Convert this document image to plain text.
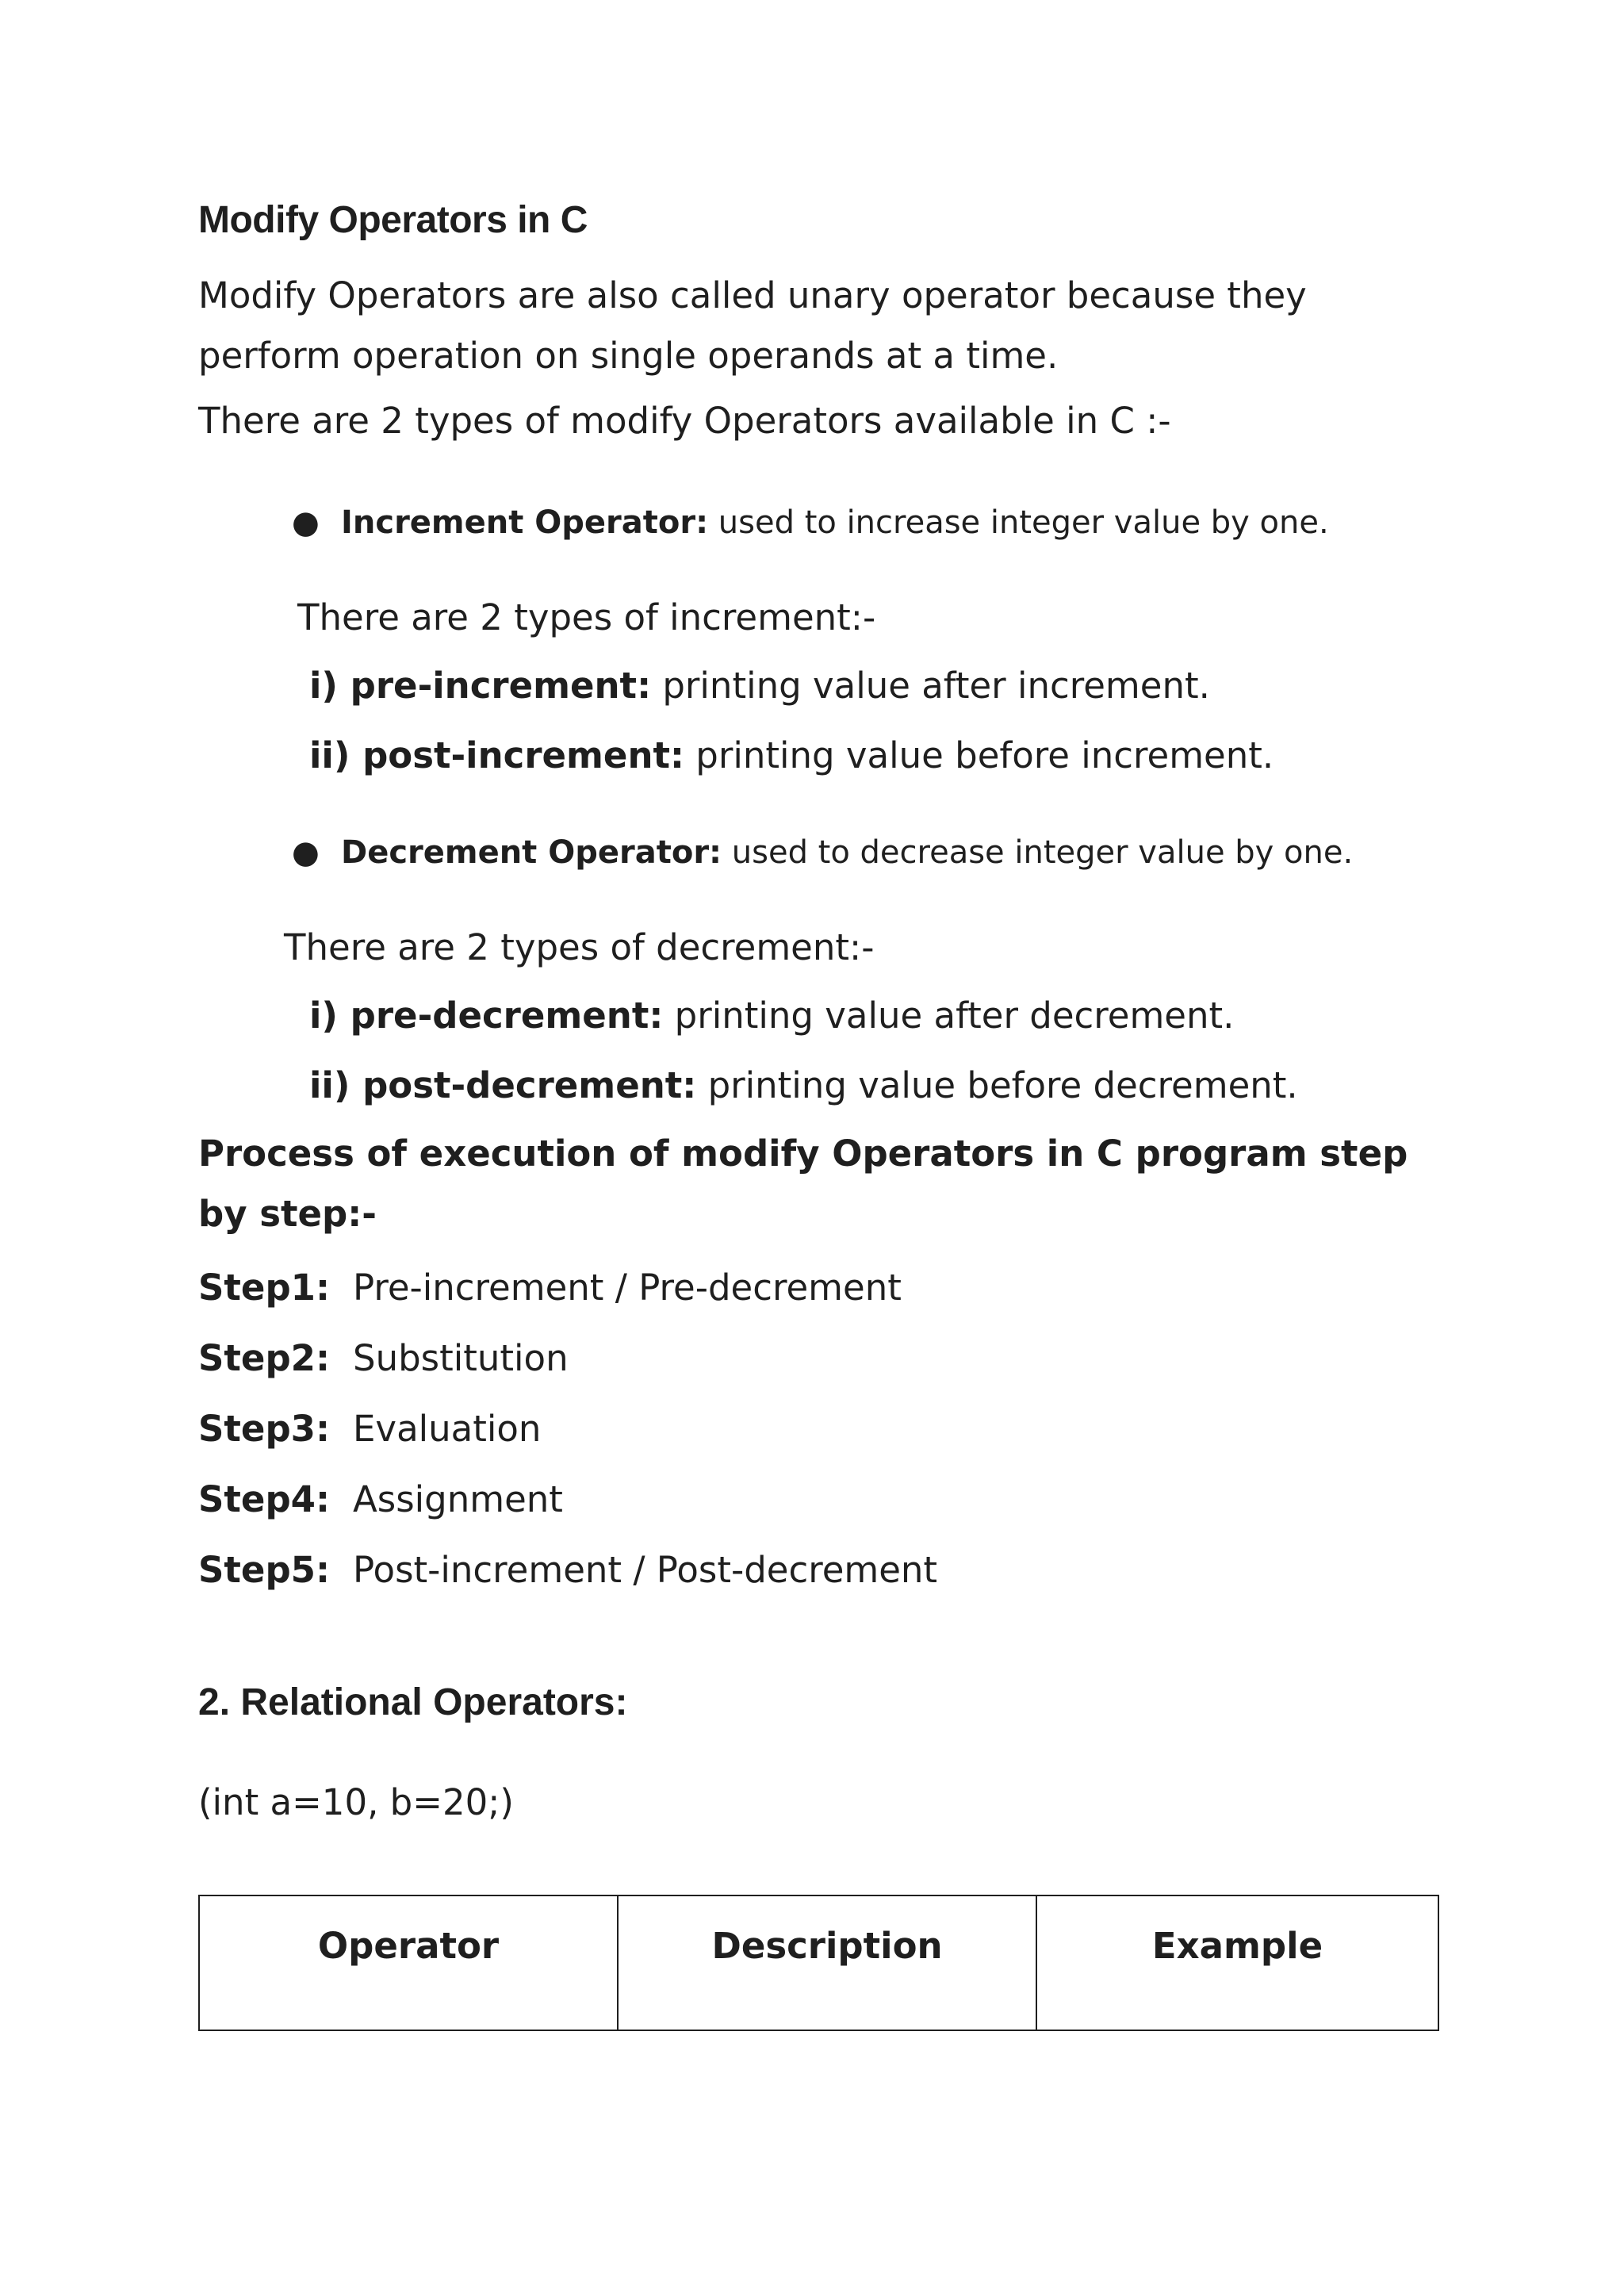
Modify Operators in C

Modify Operators are also called unary operator because they perform operation on single operands at a time.

There are 2 types of modify Operators available in C :-

● Increment Operator: used to increase integer value by one.

There are 2 types of increment:-

i) pre-increment: printing value after increment.

ii) post-increment: printing value before increment.

● Decrement Operator: used to decrease integer value by one.

There are 2 types of decrement:-

i) pre-decrement: printing value after decrement.

ii) post-decrement: printing value before decrement.

Process of execution of modify Operators in C program step by step:-

Step1: Pre-increment / Pre-decrement

Step2: Substitution

Step3: Evaluation

Step4: Assignment

Step5: Post-increment / Post-decrement

2. Relational Operators:

(int a=10, b=20;)

Operator	Description	Example
